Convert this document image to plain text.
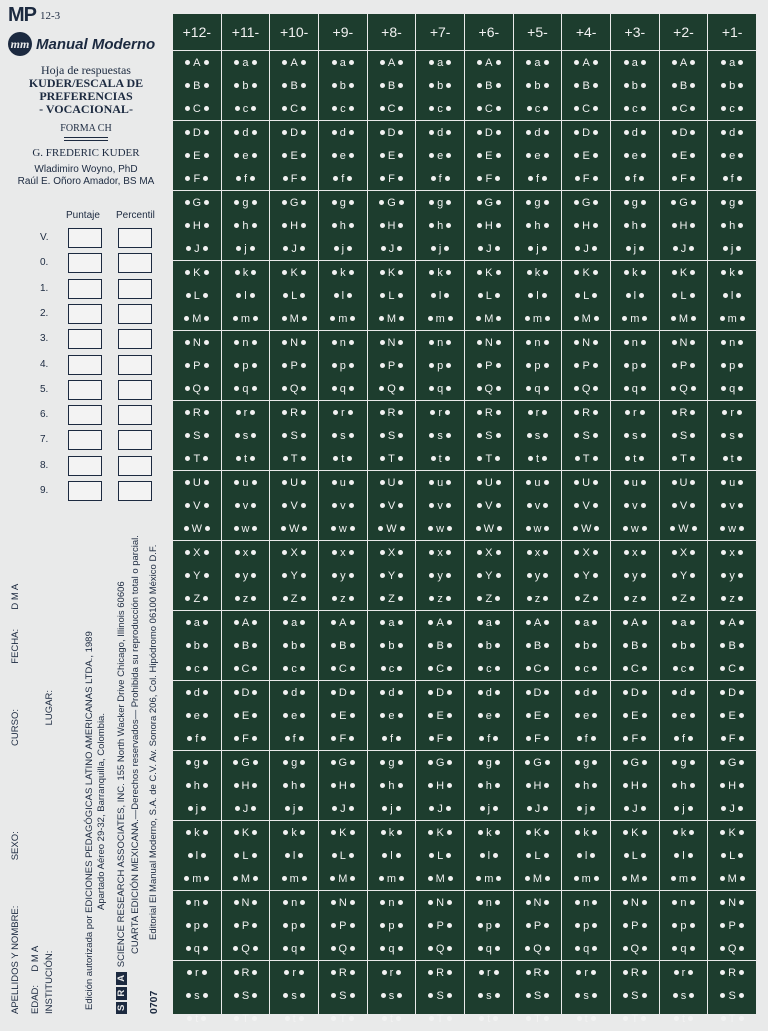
MP 12-3
mm Manual Moderno
Hoja de respuestas
KUDER/ESCALA DE
PREFERENCIAS
- VOCACIONAL-
FORMA CH
G. FREDERIC KUDER
Wladimiro Woyno, PhD
Raúl E. Oñoro Amador, BS MA
Puntaje Percentil
V.
0.
1.
2.
3.
4.
5.
6.
7.
8.
9.
APELLIDOS Y NOMBRE:  SEXO:  CURSO:  FECHA:  D M A
EDAD:  D M A INSTITUCIÓN:  LUGAR:	Edición autorizada por EDICIONES PEDAGÓGICAS LATINO AMERICANAS LTDA., 1989 Apartado Aéreo 29-32, Barranquilla, Colombia.
SRA SCIENCE RESEARCH ASSOCIATES, INC. 155 North Wacker Drive Chicago, Illinois 60606 CUARTA EDICIÓN MEXICANA.—Derechos reservados— Prohibida su reproducción total o parcial.
0707
Editorial El Manual Moderno, S.A. de C.V. Av. Sonora 206, Col. Hipódromo 06100 México D.F.
+12-
A
B
C
D
E
F
G
H
J
K
L
M
N
P
Q
R
S
T
U
V
W
X
Y
Z
a
b
c
d
e
f
g
h
j
k
l
m
n
p
q
r
s
t
+11-
a
b
c
d
e
f
g
h
j
k
l
m
n
p
q
r
s
t
u
v
w
x
y
z
A
B
C
D
E
F
G
H
J
K
L
M
N
P
Q
R
S
T
+10-
A
B
C
D
E
F
G
H
J
K
L
M
N
P
Q
R
S
T
U
V
W
X
Y
Z
a
b
c
d
e
f
g
h
j
k
l
m
n
p
q
r
s
t
+9-
a
b
c
d
e
f
g
h
j
k
l
m
n
p
q
r
s
t
u
v
w
x
y
z
A
B
C
D
E
F
G
H
J
K
L
M
N
P
Q
R
S
T
+8-
A
B
C
D
E
F
G
H
J
K
L
M
N
P
Q
R
S
T
U
V
W
X
Y
Z
a
b
c
d
e
f
g
h
j
k
l
m
n
p
q
r
s
t
+7-
a
b
c
d
e
f
g
h
j
k
l
m
n
p
q
r
s
t
u
v
w
x
y
z
A
B
C
D
E
F
G
H
J
K
L
M
N
P
Q
R
S
T
+6-
A
B
C
D
E
F
G
H
J
K
L
M
N
P
Q
R
S
T
U
V
W
X
Y
Z
a
b
c
d
e
f
g
h
j
k
l
m
n
p
q
r
s
t
+5-
a
b
c
d
e
f
g
h
j
k
l
m
n
p
q
r
s
t
u
v
w
x
y
z
A
B
C
D
E
F
G
H
J
K
L
M
N
P
Q
R
S
T
+4-
A
B
C
D
E
F
G
H
J
K
L
M
N
P
Q
R
S
T
U
V
W
X
Y
Z
a
b
c
d
e
f
g
h
j
k
l
m
n
p
q
r
s
t
+3-
a
b
c
d
e
f
g
h
j
k
l
m
n
p
q
r
s
t
u
v
w
x
y
z
A
B
C
D
E
F
G
H
J
K
L
M
N
P
Q
R
S
T
+2-
A
B
C
D
E
F
G
H
J
K
L
M
N
P
Q
R
S
T
U
V
W
X
Y
Z
a
b
c
d
e
f
g
h
j
k
l
m
n
p
q
r
s
t
+1-
a
b
c
d
e
f
g
h
j
k
l
m
n
p
q
r
s
t
u
v
w
x
y
z
A
B
C
D
E
F
G
H
J
K
L
M
N
P
Q
R
S
T
